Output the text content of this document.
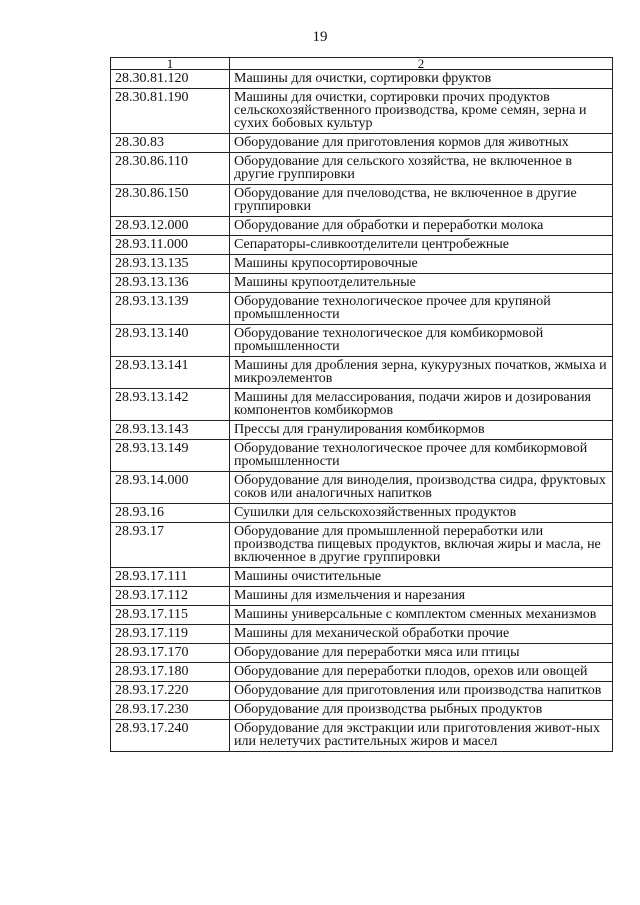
19
1	2
28.30.81.120	Машины для очистки, сортировки фруктов
28.30.81.190	Машины для очистки, сортировки прочих продуктов сельскохозяйственного производства, кроме семян, зерна и сухих бобовых культур
28.30.83	Оборудование для приготовления кормов для животных
28.30.86.110	Оборудование для сельского хозяйства, не включенное в другие группировки
28.30.86.150	Оборудование для пчеловодства, не включенное в другие группировки
28.93.12.000	Оборудование для обработки и переработки молока
28.93.11.000	Сепараторы-сливкоотделители центробежные
28.93.13.135	Машины крупосортировочные
28.93.13.136	Машины крупоотделительные
28.93.13.139	Оборудование технологическое прочее для крупяной промышленности
28.93.13.140	Оборудование технологическое для комбикормовой промышленности
28.93.13.141	Машины для дробления зерна, кукурузных початков, жмыха и микроэлементов
28.93.13.142	Машины для мелассирования, подачи жиров и дозирования компонентов комбикормов
28.93.13.143	Прессы для гранулирования комбикормов
28.93.13.149	Оборудование технологическое прочее для комбикормовой промышленности
28.93.14.000	Оборудование для виноделия, производства сидра, фруктовых соков или аналогичных напитков
28.93.16	Сушилки для сельскохозяйственных продуктов
28.93.17	Оборудование для промышленной переработки или производства пищевых продуктов, включая жиры и масла, не включенное в другие группировки
28.93.17.111	Машины очистительные
28.93.17.112	Машины для измельчения и нарезания
28.93.17.115	Машины универсальные с комплектом сменных механизмов
28.93.17.119	Машины для механической обработки прочие
28.93.17.170	Оборудование для переработки мяса или птицы
28.93.17.180	Оборудование для переработки плодов, орехов или овощей
28.93.17.220	Оборудование для приготовления или производства напитков
28.93.17.230	Оборудование для производства рыбных продуктов
28.93.17.240	Оборудование для экстракции или приготовления живот-ных или нелетучих растительных жиров и масел
